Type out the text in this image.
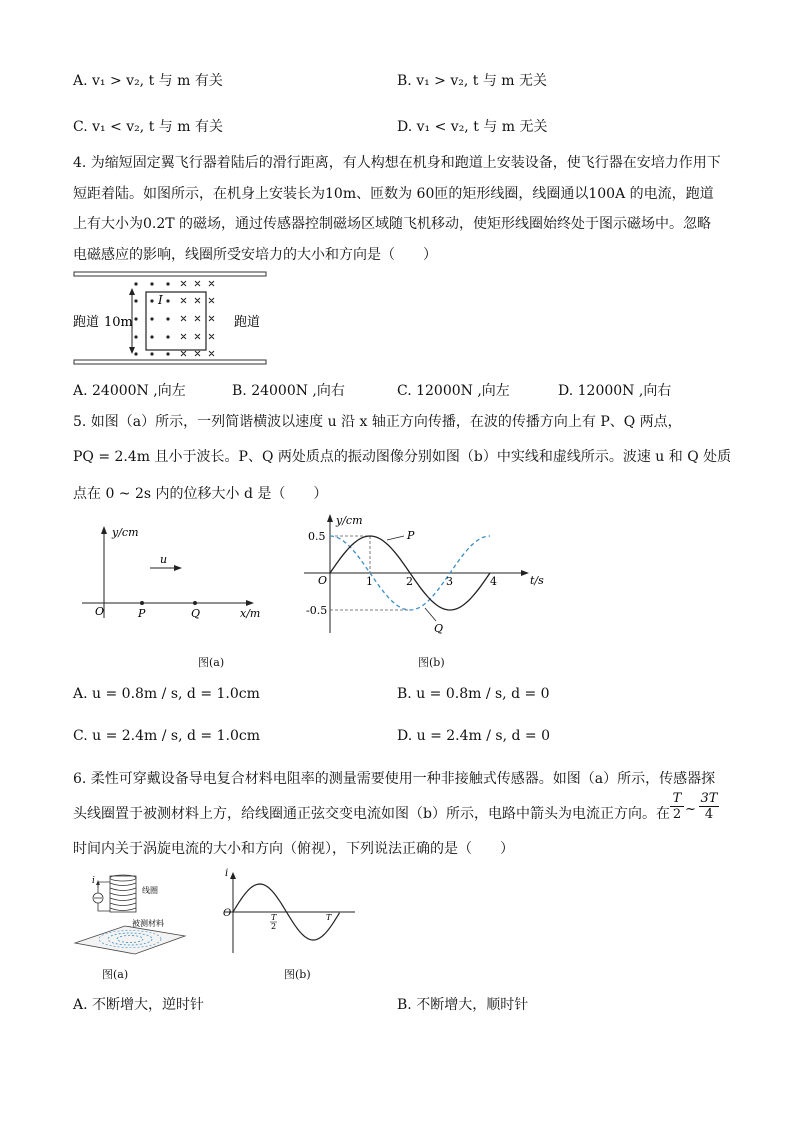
A. v₁ > v₂, t 与 m 有关	B. v₁ > v₂, t 与 m 无关
C. v₁ < v₂, t 与 m 有关	D. v₁ < v₂, t 与 m 无关
4. 为缩短固定翼飞行器着陆后的滑行距离，有人构想在机身和跑道上安装设备，使飞行器在安培力作用下
短距着陆。如图所示，在机身上安装长为10m、匝数为 60匝的矩形线圈，线圈通以100A 的电流，跑道
上有大小为0.2T 的磁场，通过传感器控制磁场区域随飞机移动，使矩形线圈始终处于图示磁场中。忽略
电磁感应的影响，线圈所受安培力的大小和方向是（　　）
跑道 10m
I
跑道
A. 24000N ,向左	B. 24000N ,向右	C. 12000N ,向左	D. 12000N ,向右
5. 如图（a）所示，一列简谐横波以速度 u 沿 x 轴正方向传播，在波的传播方向上有 P、Q 两点，
PQ = 2.4m 且小于波长。P、Q 两处质点的振动图像分别如图（b）中实线和虚线所示。波速 u 和 Q 处质
点在 0 ~ 2s 内的位移大小 d 是（　　）
y/cm
u
O	P	Q	x/m
图(a)
y/cm
0.5
-0.5
O	1	2	3	4	t/s
P
Q
图(b)
A. u = 0.8m / s, d = 1.0cm	B. u = 0.8m / s, d = 0
C. u = 2.4m / s, d = 1.0cm	D. u = 2.4m / s, d = 0
6. 柔性可穿戴设备导电复合材料电阻率的测量需要使用一种非接触式传感器。如图（a）所示，传感器探
头线圈置于被测材料上方，给线圈通正弦交变电流如图（b）所示，电路中箭头为电流正方向。在
T
2 ~
3T
4
时间内关于涡旋电流的大小和方向（俯视），下列说法正确的是（　　）
i
线圈
被测材料
图(a)
i
O	T
2
T
图(b)
A. 不断增大，逆时针	B. 不断增大，顺时针
